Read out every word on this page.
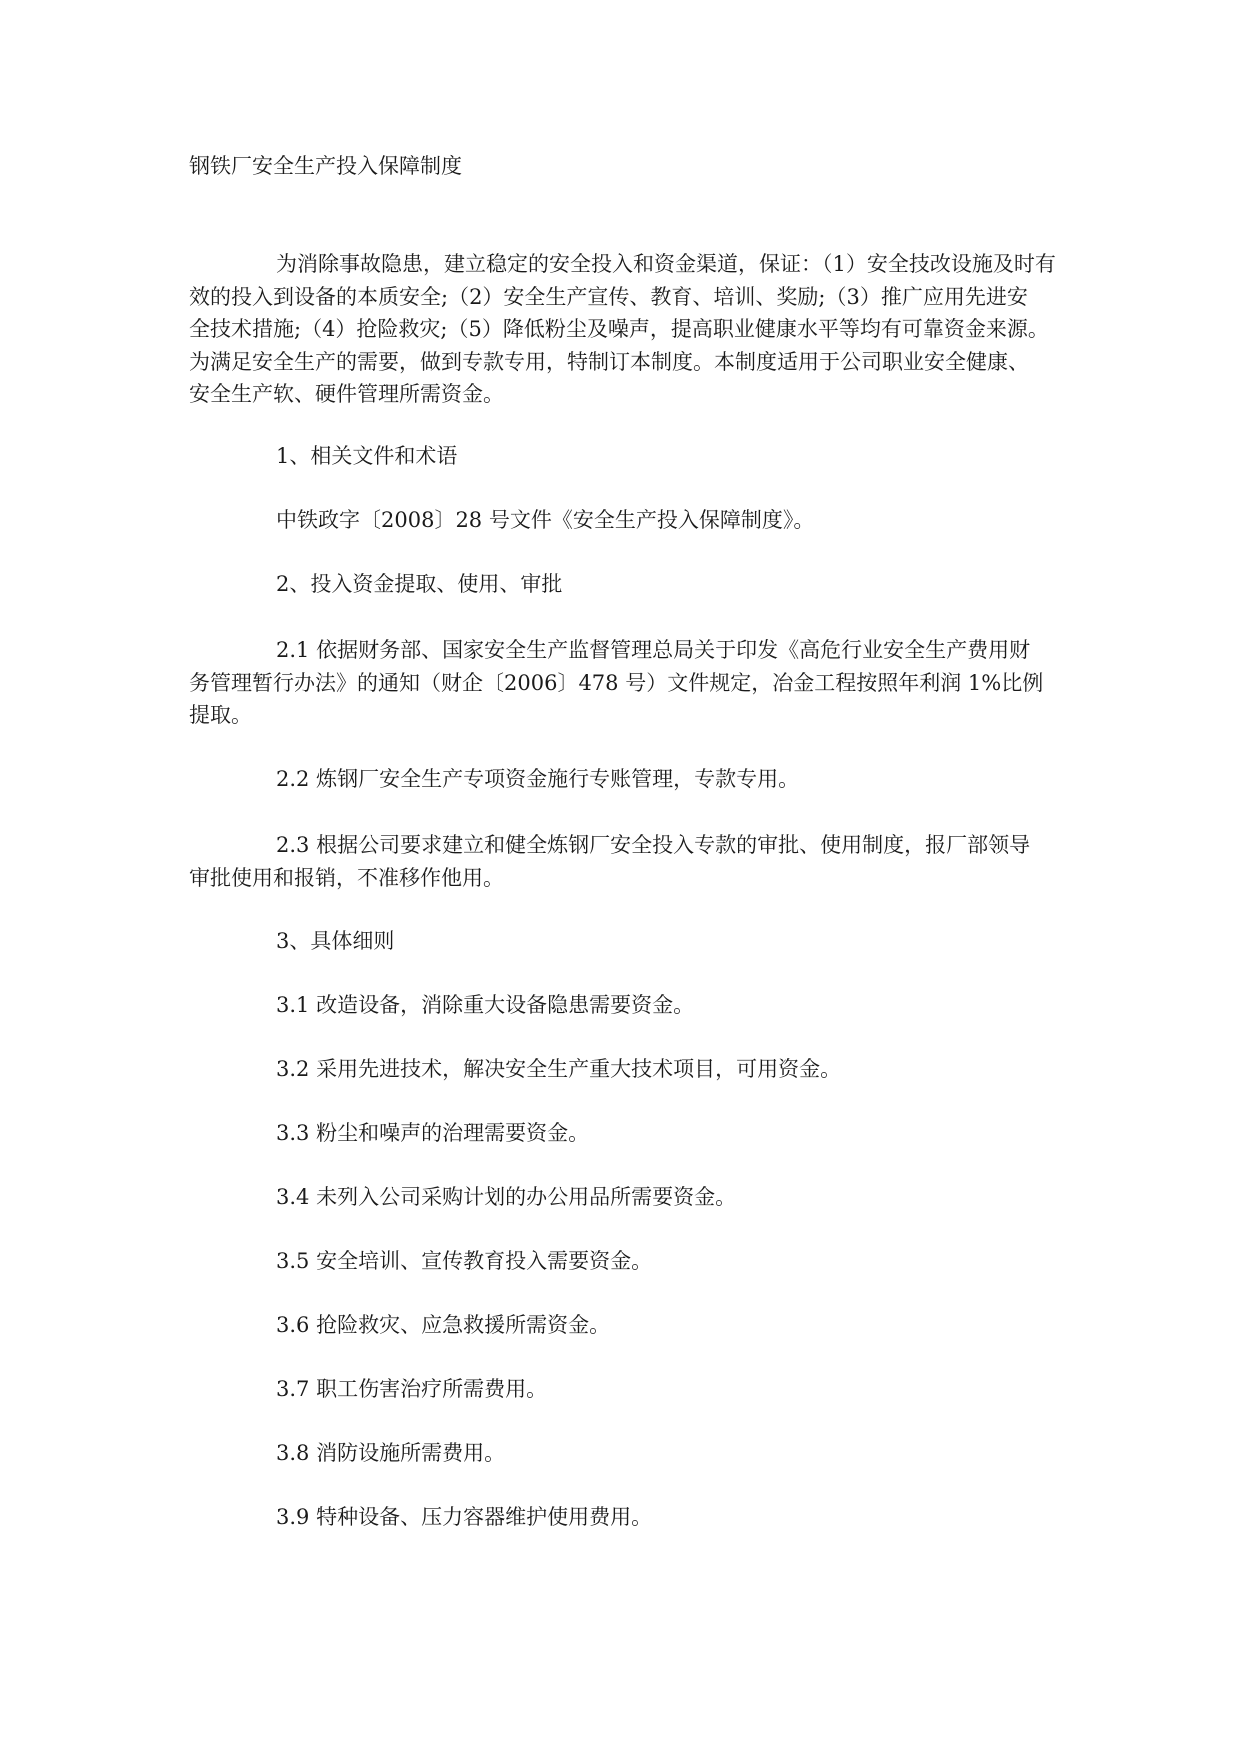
钢铁厂安全生产投入保障制度
为消除事故隐患，建立稳定的安全投入和资金渠道，保证：（1）安全技改设施及时有
效的投入到设备的本质安全;（2）安全生产宣传、教育、培训、奖励;（3）推广应用先进安
全技术措施;（4）抢险救灾;（5）降低粉尘及噪声，提高职业健康水平等均有可靠资金来源。
为满足安全生产的需要，做到专款专用，特制订本制度。本制度适用于公司职业安全健康、
安全生产软、硬件管理所需资金。
1、相关文件和术语
中铁政字〔2008〕28 号文件《安全生产投入保障制度》。
2、投入资金提取、使用、审批
2.1 依据财务部、国家安全生产监督管理总局关于印发《高危行业安全生产费用财
务管理暂行办法》的通知（财企〔2006〕478 号）文件规定，冶金工程按照年利润 1%比例
提取。
2.2 炼钢厂安全生产专项资金施行专账管理，专款专用。
2.3 根据公司要求建立和健全炼钢厂安全投入专款的审批、使用制度，报厂部领导
审批使用和报销，不准移作他用。
3、具体细则
3.1 改造设备，消除重大设备隐患需要资金。
3.2 采用先进技术，解决安全生产重大技术项目，可用资金。
3.3 粉尘和噪声的治理需要资金。
3.4 未列入公司采购计划的办公用品所需要资金。
3.5 安全培训、宣传教育投入需要资金。
3.6 抢险救灾、应急救援所需资金。
3.7 职工伤害治疗所需费用。
3.8 消防设施所需费用。
3.9 特种设备、压力容器维护使用费用。
